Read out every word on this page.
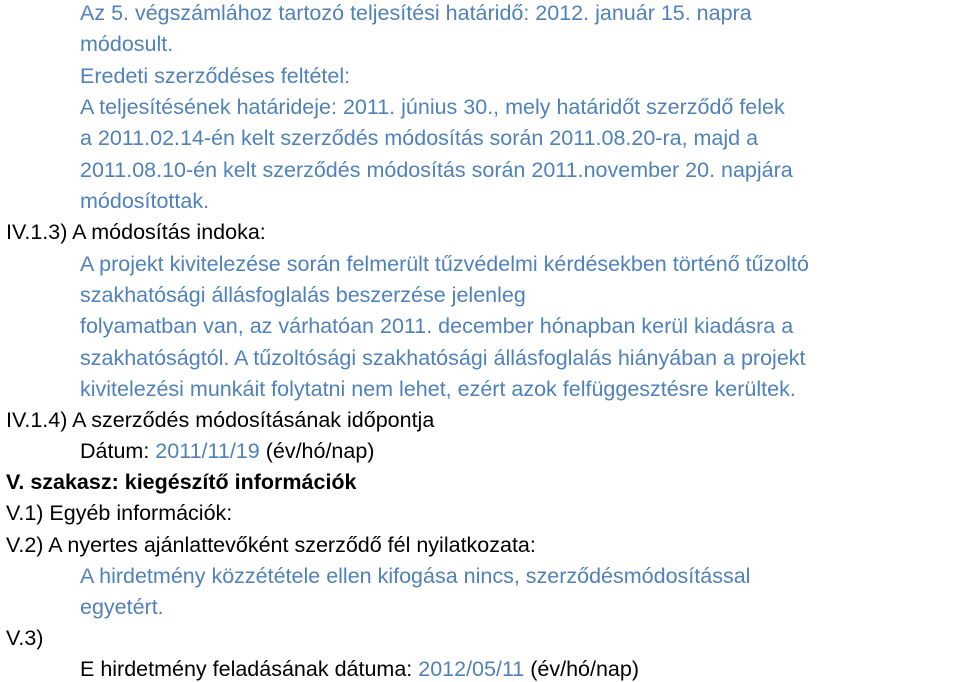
Az 5. végszámlához tartozó teljesítési határidő: 2012. január 15. napra
módosult.
Eredeti szerződéses feltétel:
A teljesítésének határideje: 2011. június 30., mely határidőt szerződő felek
a 2011.02.14-én kelt szerződés módosítás során 2011.08.20-ra, majd a
2011.08.10-én kelt szerződés módosítás során 2011.november 20. napjára
módosítottak.
IV.1.3) A módosítás indoka:
A projekt kivitelezése során felmerült tűzvédelmi kérdésekben történő tűzoltó
szakhatósági állásfoglalás beszerzése jelenleg
folyamatban van, az várhatóan 2011. december hónapban kerül kiadásra a
szakhatóságtól. A tűzoltósági szakhatósági állásfoglalás hiányában a projekt
kivitelezési munkáit folytatni nem lehet, ezért azok felfüggesztésre kerültek.
IV.1.4) A szerződés módosításának időpontja
Dátum: 2011/11/19 (év/hó/nap)
V. szakasz: kiegészítő információk
V.1) Egyéb információk:
V.2) A nyertes ajánlattevőként szerződő fél nyilatkozata:
A hirdetmény közzététele ellen kifogása nincs, szerződésmódosítással
egyetért.
V.3)
E hirdetmény feladásának dátuma: 2012/05/11 (év/hó/nap)
